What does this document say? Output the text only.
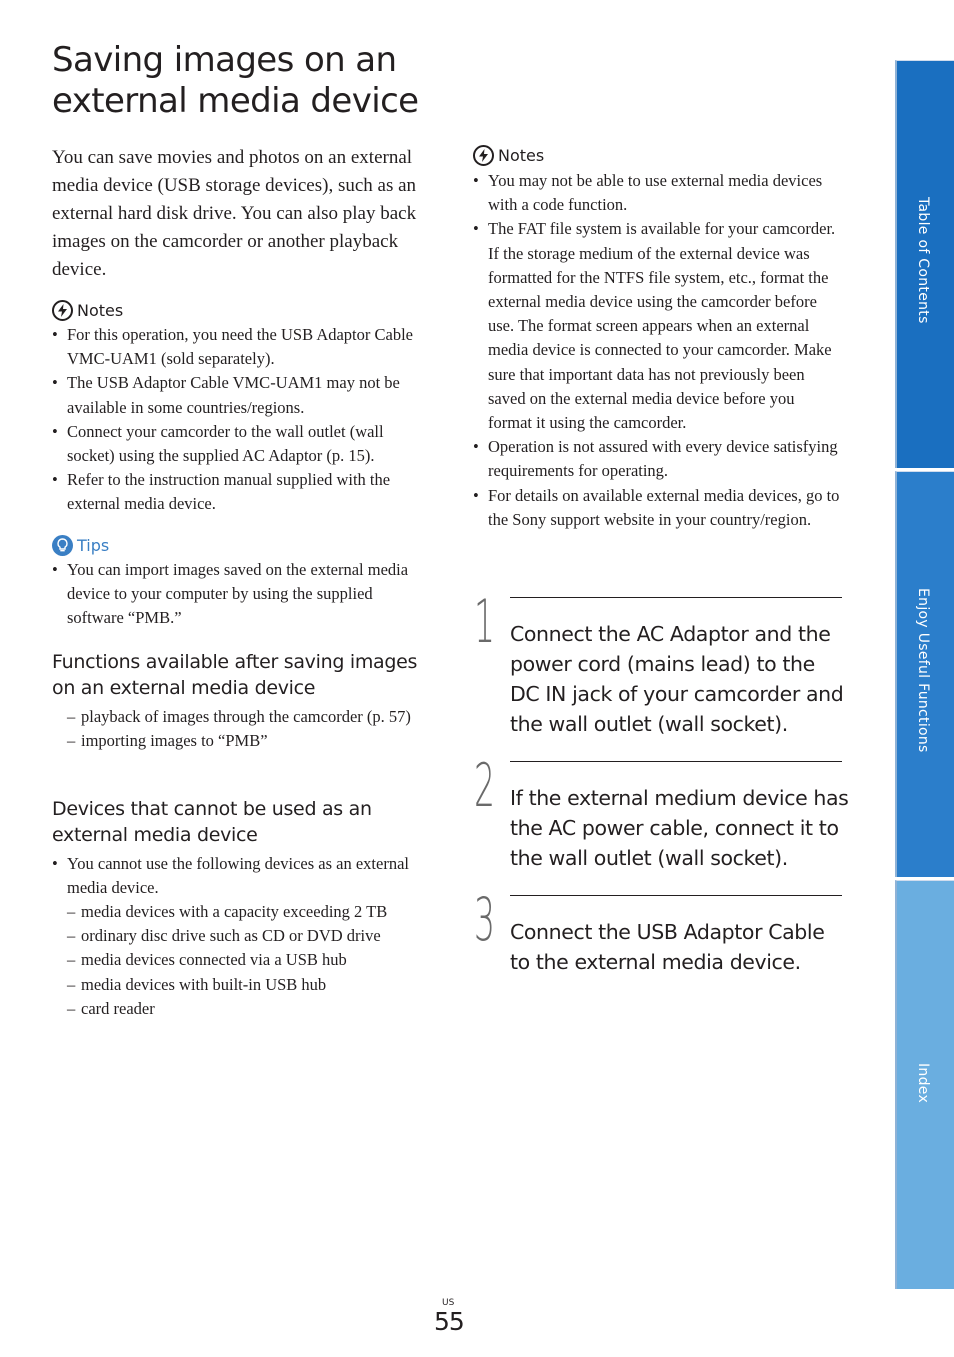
Saving images on an external media device

You can save movies and photos on an external media device (USB storage devices), such as an external hard disk drive. You can also play back images on the camcorder or another playback device.

Notes
• For this operation, you need the USB Adaptor Cable VMC-UAM1 (sold separately).
• The USB Adaptor Cable VMC-UAM1 may not be available in some countries/regions.
• Connect your camcorder to the wall outlet (wall socket) using the supplied AC Adaptor (p. 15).
• Refer to the instruction manual supplied with the external media device.
Tips
• You can import images saved on the external media device to your computer by using the supplied software “PMB.”
Functions available after saving images on an external media device
– playback of images through the camcorder (p. 57)
– importing images to “PMB”
Devices that cannot be used as an external media device
• You cannot use the following devices as an external media device.
– media devices with a capacity exceeding 2 TB
– ordinary disc drive such as CD or DVD drive
– media devices connected via a USB hub
– media devices with built-in USB hub
– card reader
Notes
• You may not be able to use external media devices with a code function.
• The FAT file system is available for your camcorder. If the storage medium of the external device was formatted for the NTFS file system, etc., format the external media device using the camcorder before use. The format screen appears when an external media device is connected to your camcorder. Make sure that important data has not previously been saved on the external media device before you format it using the camcorder.
• Operation is not assured with every device satisfying requirements for operating.
• For details on available external media devices, go to the Sony support website in your country/region.
1 Connect the AC Adaptor and the power cord (mains lead) to the DC IN jack of your camcorder and the wall outlet (wall socket).

2 If the external medium device has the AC power cable, connect it to the wall outlet (wall socket).

3 Connect the USB Adaptor Cable to the external media device.

Table of Contents
Enjoy Useful Functions
Index
US
55
